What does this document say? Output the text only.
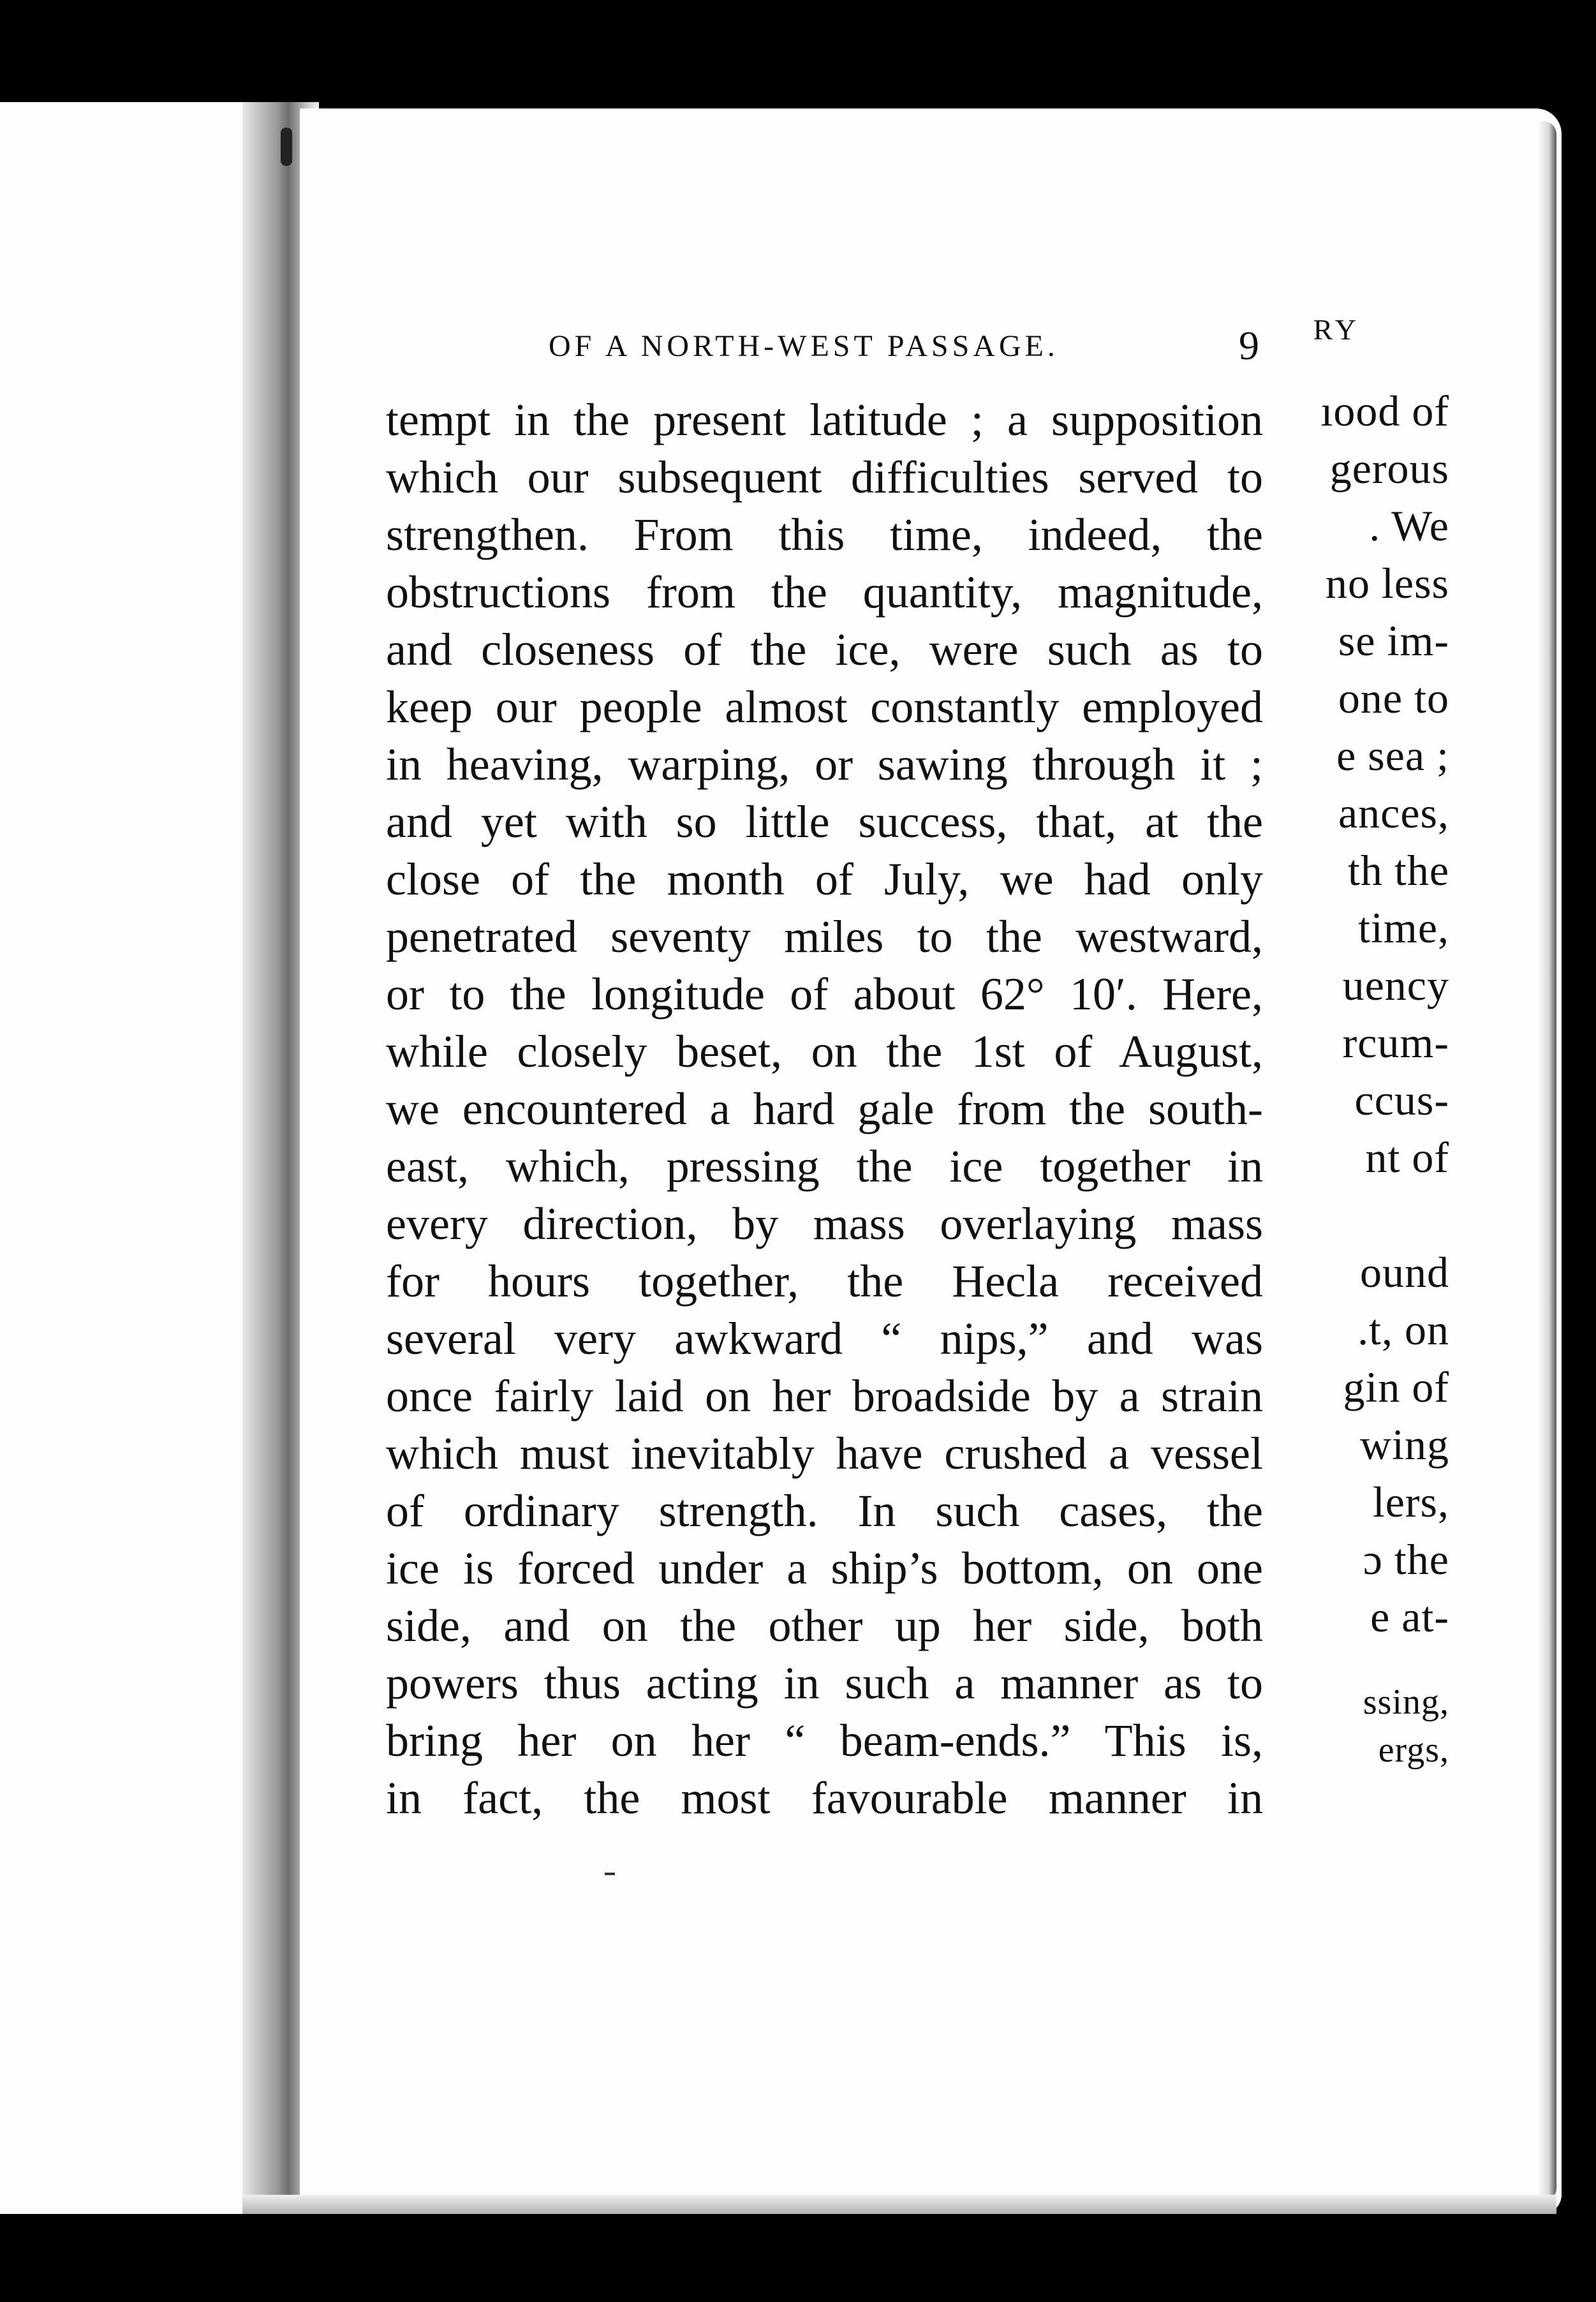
RY
ıood of
gerous
. We
no less
se im-
one to
e sea ;
ances,
th the
time,
uency
rcum-
ccus-
nt of
ound
.t, on
gin of
wing
lers,
ɔ the
e at-
ssing,
ergs,
OF A NORTH-WEST PASSAGE.	9
tempt in the present latitude ; a supposition
which our subsequent difficulties served to
strengthen. From this time, indeed, the
obstructions from the quantity, magnitude,
and closeness of the ice, were such as to
keep our people almost constantly employed
in heaving, warping, or sawing through it ;
and yet with so little success, that, at the
close of the month of July, we had only
penetrated seventy miles to the westward,
or to the longitude of about 62° 10′. Here,
while closely beset, on the 1st of August,
we encountered a hard gale from the south-
east, which, pressing the ice together in
every direction, by mass overlaying mass
for hours together, the Hecla received
several very awkward “ nips,” and was
once fairly laid on her broadside by a strain
which must inevitably have crushed a vessel
of ordinary strength. In such cases, the
ice is forced under a ship’s bottom, on one
side, and on the other up her side, both
powers thus acting in such a manner as to
bring her on her “ beam-ends.” This is,
in fact, the most favourable manner in
